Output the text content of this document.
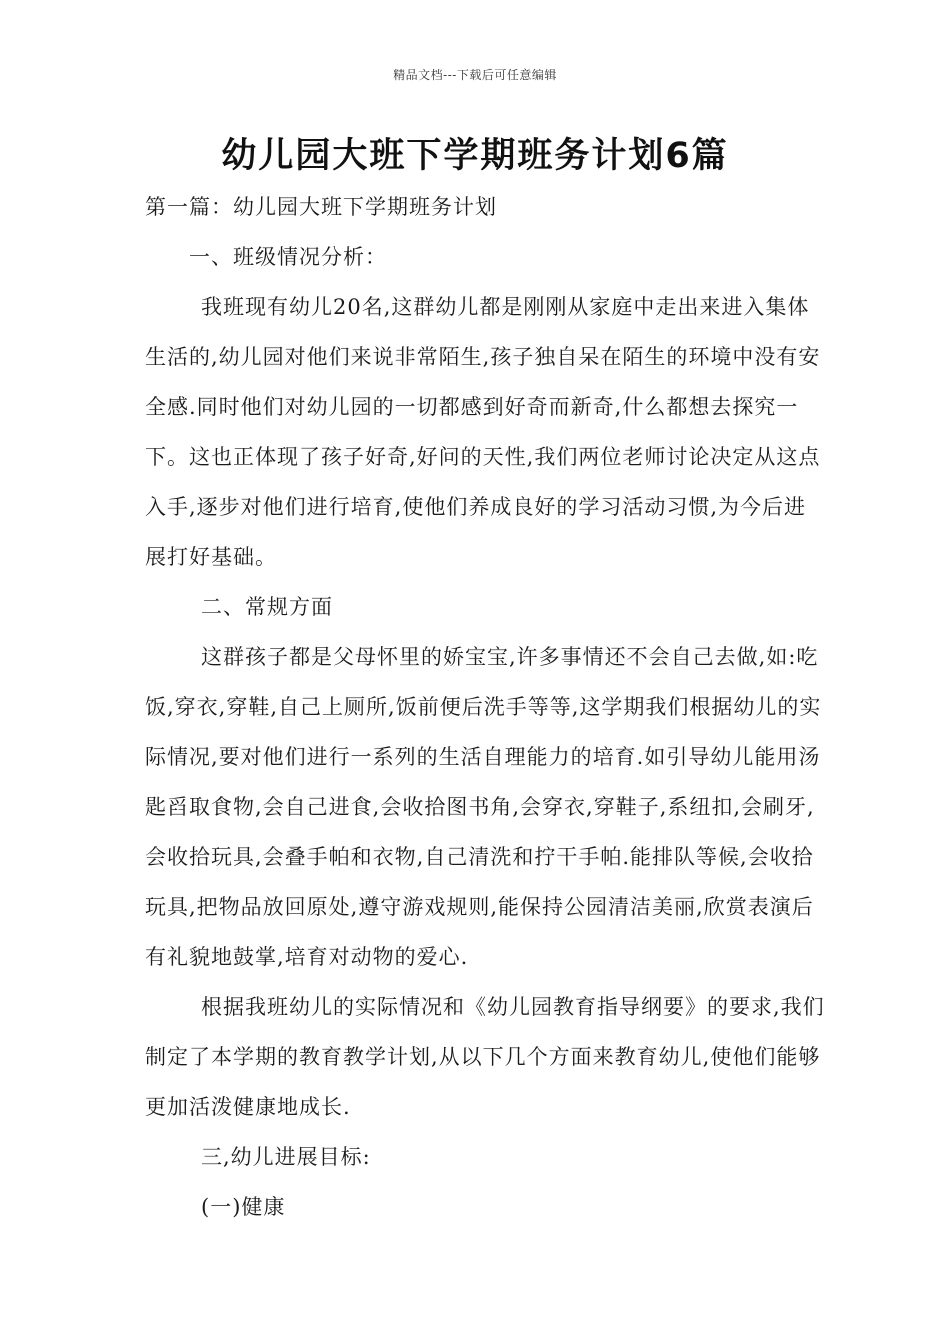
精品文档---下载后可任意编辑
幼儿园大班下学期班务计划6篇

第一篇：幼儿园大班下学期班务计划

一、班级情况分析：

我班现有幼儿20名,这群幼儿都是刚刚从家庭中走出来进入集体生活的,幼儿园对他们来说非常陌生,孩子独自呆在陌生的环境中没有安全感.同时他们对幼儿园的一切都感到好奇而新奇,什么都想去探究一下。这也正体现了孩子好奇,好问的天性,我们两位老师讨论决定从这点入手,逐步对他们进行培育,使他们养成良好的学习活动习惯,为今后进展打好基础。

二、常规方面

这群孩子都是父母怀里的娇宝宝,许多事情还不会自己去做,如:吃饭,穿衣,穿鞋,自己上厕所,饭前便后洗手等等,这学期我们根据幼儿的实际情况,要对他们进行一系列的生活自理能力的培育.如引导幼儿能用汤匙舀取食物,会自己进食,会收拾图书角,会穿衣,穿鞋子,系纽扣,会刷牙,会收拾玩具,会叠手帕和衣物,自己清洗和拧干手帕.能排队等候,会收拾玩具,把物品放回原处,遵守游戏规则,能保持公园清洁美丽,欣赏表演后有礼貌地鼓掌,培育对动物的爱心.

根据我班幼儿的实际情况和《幼儿园教育指导纲要》的要求,我们制定了本学期的教育教学计划,从以下几个方面来教育幼儿,使他们能够更加活泼健康地成长.

三,幼儿进展目标:

(一)健康
